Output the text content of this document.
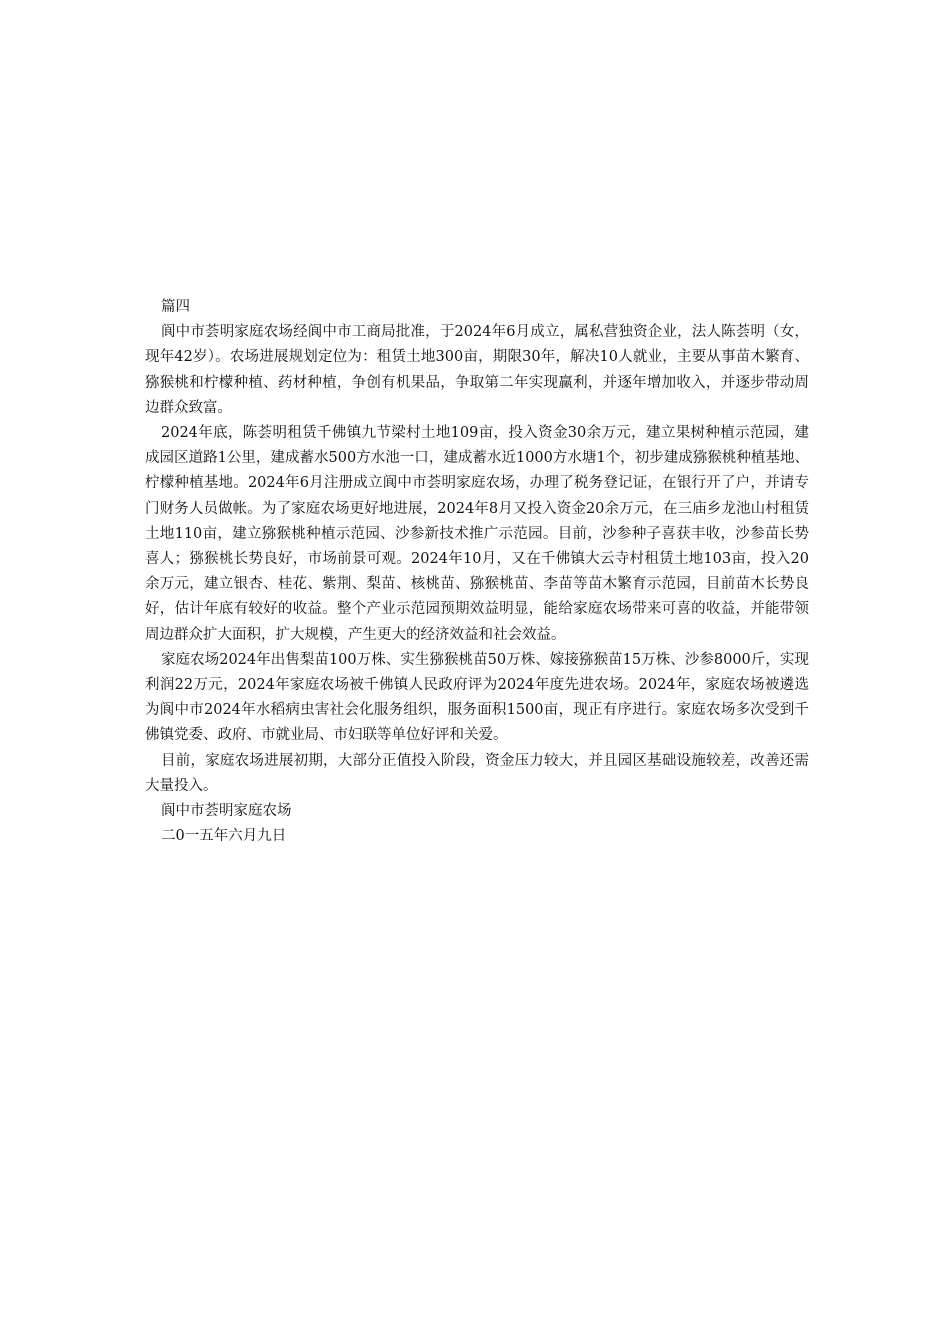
篇四

阆中市荟明家庭农场经阆中市工商局批准，于2024年6月成立，属私营独资企业，法人陈荟明（女，现年42岁）。农场进展规划定位为：租赁土地300亩，期限30年，解决10人就业，主要从事苗木繁育、猕猴桃和柠檬种植、药材种植，争创有机果品，争取第二年实现赢利，并逐年增加收入，并逐步带动周边群众致富。

2024年底，陈荟明租赁千佛镇九节梁村土地109亩，投入资金30余万元，建立果树种植示范园，建成园区道路1公里，建成蓄水500方水池一口，建成蓄水近1000方水塘1个，初步建成猕猴桃种植基地、柠檬种植基地。2024年6月注册成立阆中市荟明家庭农场，办理了税务登记证，在银行开了户，并请专门财务人员做帐。为了家庭农场更好地进展，2024年8月又投入资金20余万元，在三庙乡龙池山村租赁土地110亩，建立猕猴桃种植示范园、沙参新技术推广示范园。目前，沙参种子喜获丰收，沙参苗长势喜人；猕猴桃长势良好，市场前景可观。2024年10月，又在千佛镇大云寺村租赁土地103亩，投入20余万元，建立银杏、桂花、紫荆、梨苗、核桃苗、猕猴桃苗、李苗等苗木繁育示范园，目前苗木长势良好，估计年底有较好的收益。整个产业示范园预期效益明显，能给家庭农场带来可喜的收益，并能带领周边群众扩大面积，扩大规模，产生更大的经济效益和社会效益。

家庭农场2024年出售梨苗100万株、实生猕猴桃苗50万株、嫁接猕猴苗15万株、沙参8000斤，实现利润22万元，2024年家庭农场被千佛镇人民政府评为2024年度先进农场。2024年，家庭农场被遴选为阆中市2024年水稻病虫害社会化服务组织，服务面积1500亩，现正有序进行。家庭农场多次受到千佛镇党委、政府、市就业局、市妇联等单位好评和关爱。

目前，家庭农场进展初期，大部分正值投入阶段，资金压力较大，并且园区基础设施较差，改善还需大量投入。

阆中市荟明家庭农场

二0一五年六月九日
